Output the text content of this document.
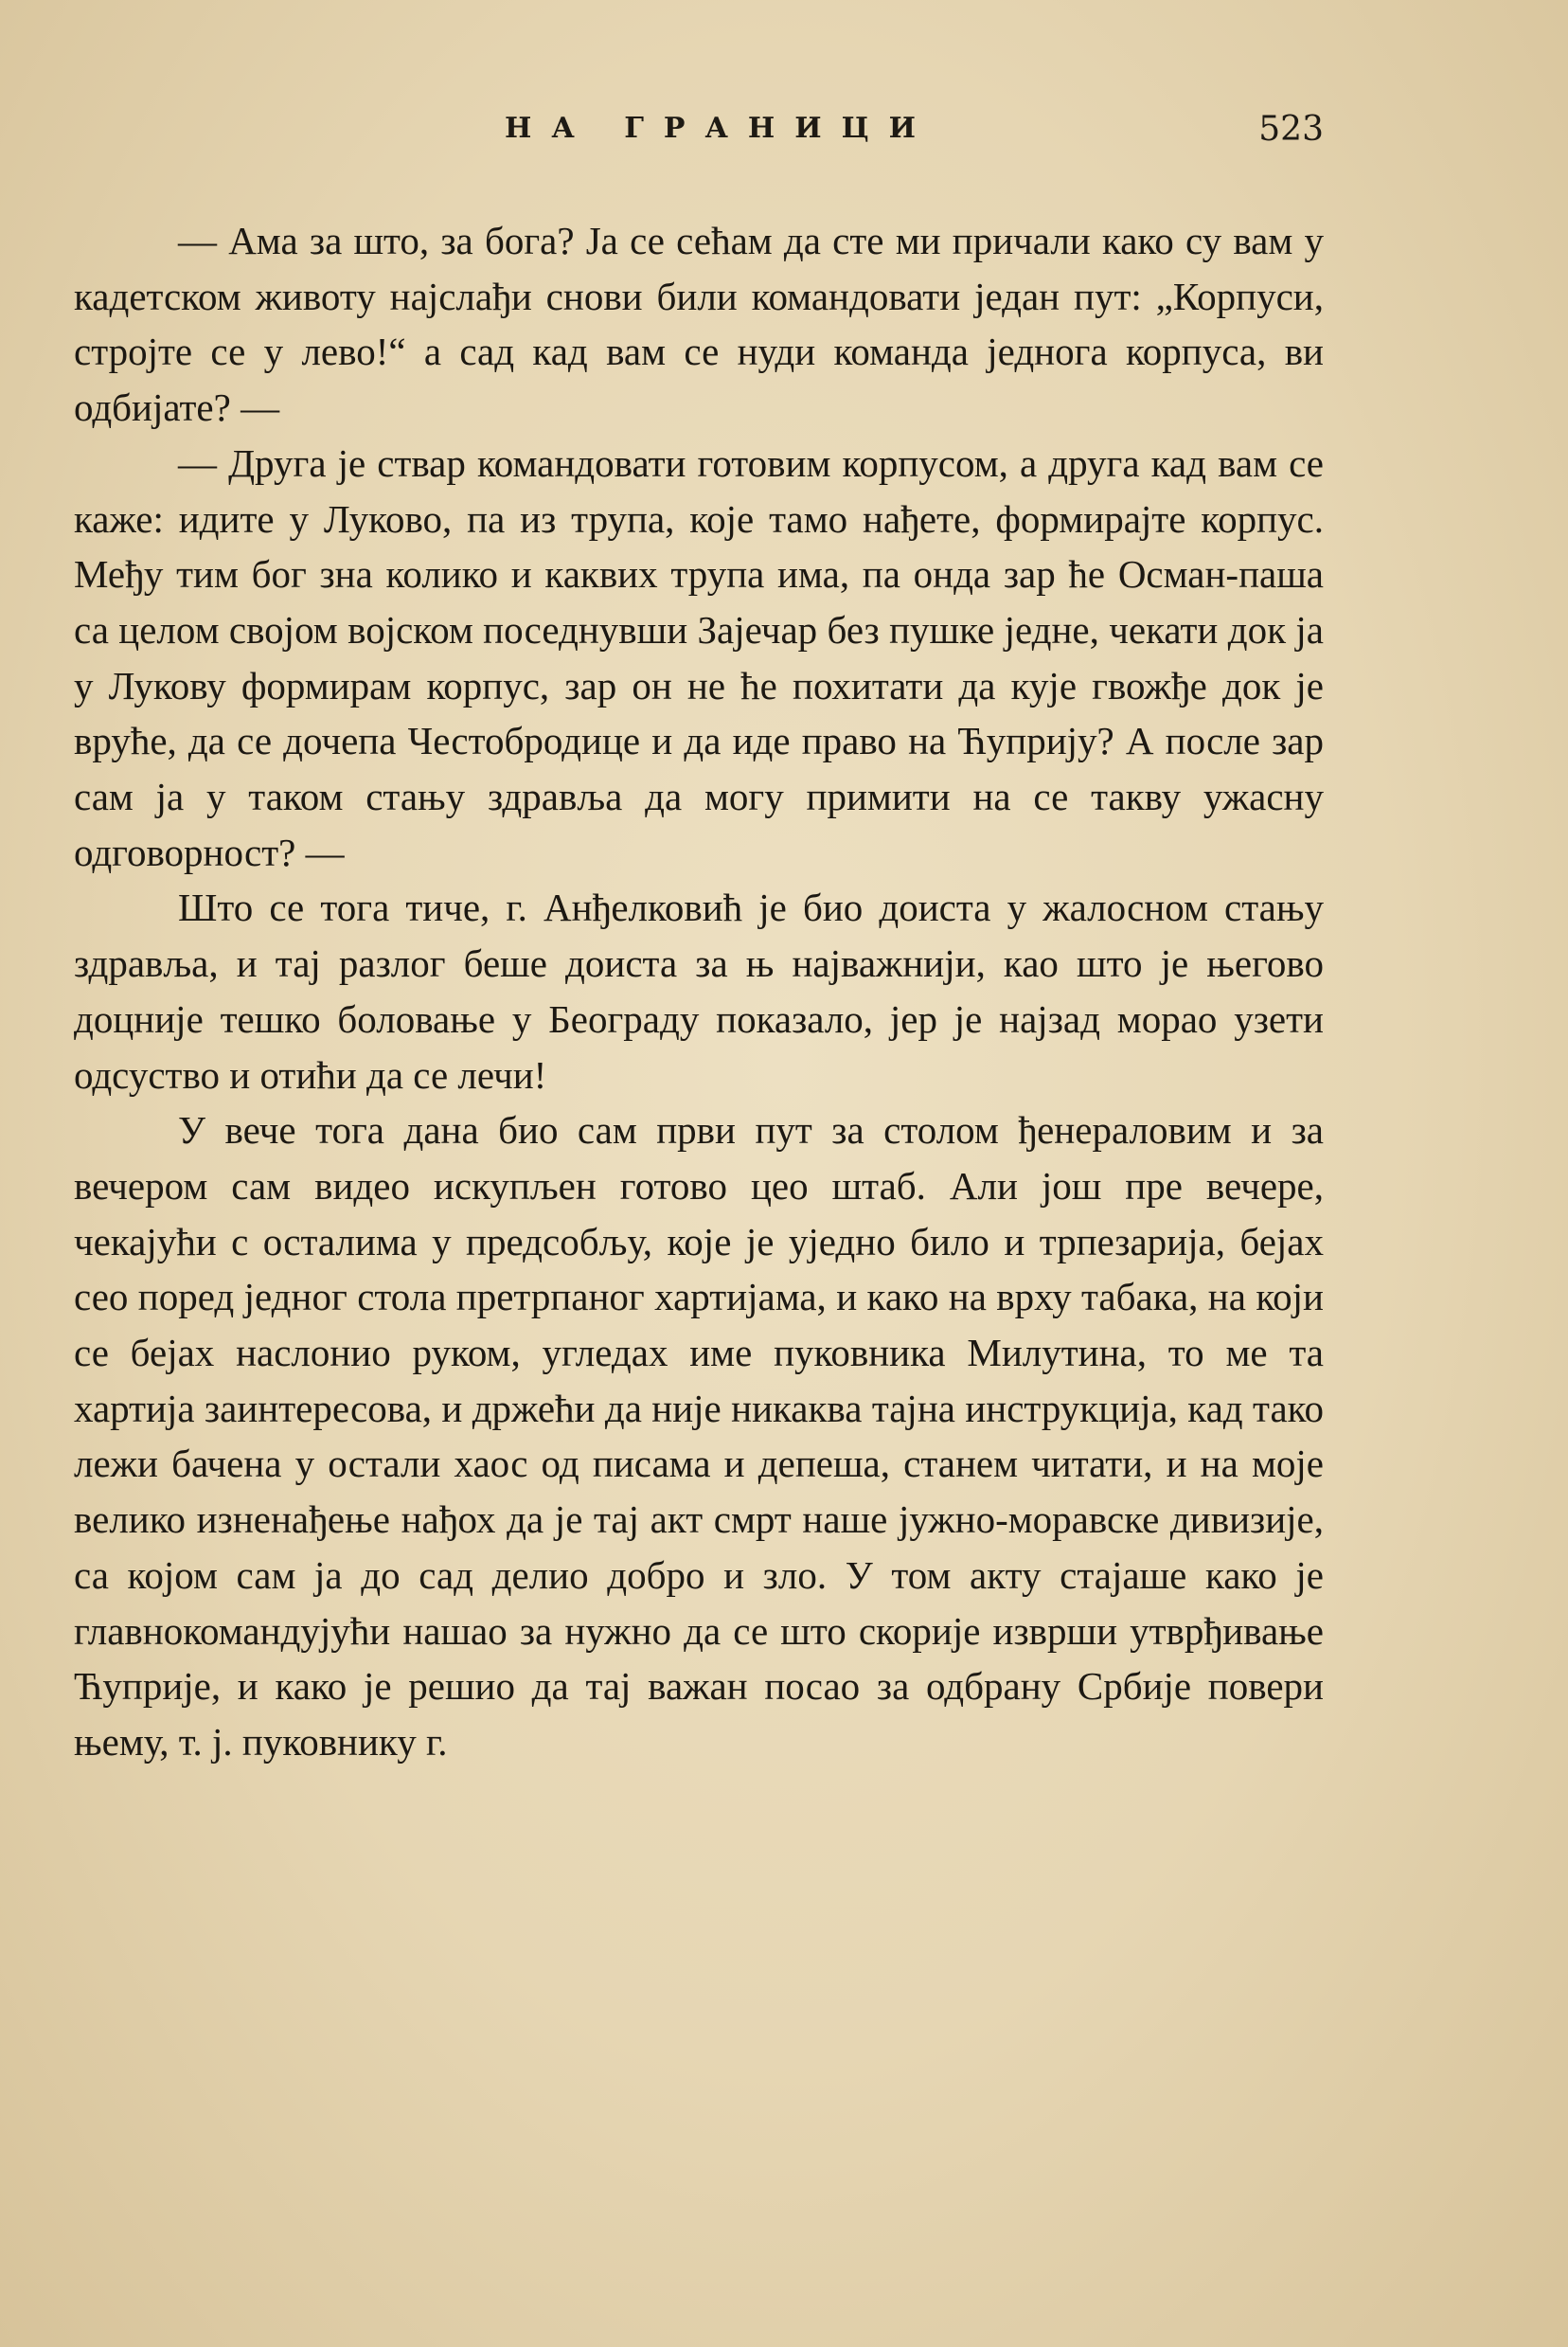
НА ГРАНИЦИ	523

— Ама за што, за бога? Ја се сећам да сте ми причали како су вам у кадетском животу најслађи снови били командовати један пут: „Корпуси, стројте се у лево!“ а сад кад вам се нуди команда једнога корпуса, ви одбијате? —

— Друга је ствар командовати готовим корпусом, а друга кад вам се каже: идите у Луково, па из трупа, које тамо нађете, формирајте корпус. Међу тим бог зна колико и каквих трупа има, па онда зар ће Осман-паша са целом својом војском поседнувши Зајечар без пушке једне, чекати док ја у Лукову формирам корпус, зар он не ће похитати да кује гвожђе док је вруће, да се дочепа Честобродице и да иде право на Ћуприју? А после зар сам ја у таком стању здравља да могу примити на се такву ужасну одговорност? —

Што се тога тиче, г. Анђелковић је био доиста у жалосном стању здравља, и тај разлог беше доиста за њ најважнији, као што је његово доцније тешко боловање у Београду показало, јер је најзад морао узети одсуство и отићи да се лечи!

У вече тога дана био сам први пут за столом ђенераловим и за вечером сам видео искупљен готово цео штаб. Али још пре вечере, чекајући с осталима у предсобљу, које је уједно било и трпезарија, бејах сео поред једног стола претрпаног хартијама, и како на врху табака, на који се бејах наслонио руком, угледах име пуковника Милутина, то ме та хартија заинтересова, и држећи да није никаква тајна инструкција, кад тако лежи бачена у остали хаос од писама и депеша, станем читати, и на моје велико изненађење нађох да је тај акт смрт наше јужно-моравске дивизије, са којом сам ја до сад делио добро и зло. У том акту стајаше како је главнокомандујући нашао за нужно да се што скорије изврши утврђивање Ћуприје, и како је решио да тај важан посао за одбрану Србије повери њему, т. ј. пуковнику г.
